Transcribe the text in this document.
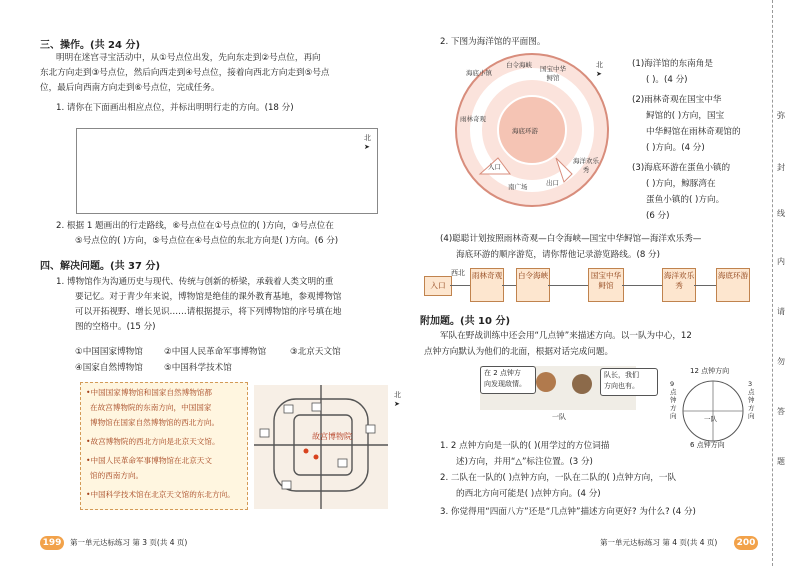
三、操作。(共 24 分)
明明在迷宫寻宝活动中，从①号点位出发，先向东走到②号点位，再向
东北方向走到③号点位，然后向西走到④号点位，接着向西北方向走到⑤号点
位，最后向西南方向走到⑥号点位，完成任务。
1. 请你在下面画出相应点位，并标出明明行走的方向。(18 分)
北
➤
2. 根据 1 题画出的行走路线，⑥号点位在①号点位的( )方向，③号点位在
⑤号点位的( )方向，⑤号点位在④号点位的东北方向是( )方向。(6 分)
四、解决问题。(共 37 分)
1. 博物馆作为沟通历史与现代、传统与创新的桥梁，承载着人类文明的重
要记忆。对于青少年来说，博物馆是绝佳的课外教育基地，参观博物馆
可以开拓视野、增长见识……请根据提示，将下列博物馆的序号填在地
图的空格中。(15 分)
①中国国家博物馆 ②中国人民革命军事博物馆	③北京天文馆
④国家自然博物馆 ⑤中国科学技术馆
•中国国家博物馆和国家自然博物馆都
在故宫博物院的东南方向，中国国家
博物馆在国家自然博物馆的西北方向。
•故宫博物院的西北方向是北京天文馆。
•中国人民革命军事博物馆在北京天文
馆的西南方向。
•中国科学技术馆在北京天文馆的东北方向。
故宫博物院
北
➤
199	第一单元达标练习 第 3 页(共 4 页)
2. 下图为海洋馆的平面图。
海底小镇
白令海峡	国宝中华鲟馆
雨林奇观
海底环游
入口
南广场	出口
海洋欢乐秀
北
➤
(1)海洋馆的东南角是
( )。(4 分)
(2)雨林奇观在国宝中华
鲟馆的( )方向，国宝
中华鲟馆在雨林奇观馆的
( )方向。(4 分)
(3)海底环游在蛋鱼小镇的
( )方向，鲸豚湾在
蛋鱼小镇的( )方向。
(6 分)
(4)聪聪计划按照雨林奇观—白令海峡—国宝中华鲟馆—海洋欢乐秀—
海底环游的顺序游览，请你帮他记录游览路线。(8 分)
入口
西北 雨林奇观 白令海峡	国宝中华鲟馆
海洋欢乐秀
海底环游
附加题。(共 10 分)
军队在野战训练中还会用“几点钟”来描述方向。以一队为中心，12
点钟方向默认为他们的北面，根据对话完成问题。
在 2 点钟方
向发现敌情。
队长，我们
方向也有。
一队
12 点钟方向
9点钟方向
3点钟方向
6 点钟方向
一队
1. 2 点钟方向是一队的( )(用学过的方位词描
述)方向，并用“△”标注位置。(3 分)
2. 二队在一队的( )点钟方向，一队在二队的( )点钟方向，一队
的西北方向可能是( )点钟方向。(4 分)
3. 你觉得用“四面八方”还是“几点钟”描述方向更好? 为什么? (4 分)
第一单元达标练习 第 4 页(共 4 页) 200
弥
封
线
内
请
勿
答
题
